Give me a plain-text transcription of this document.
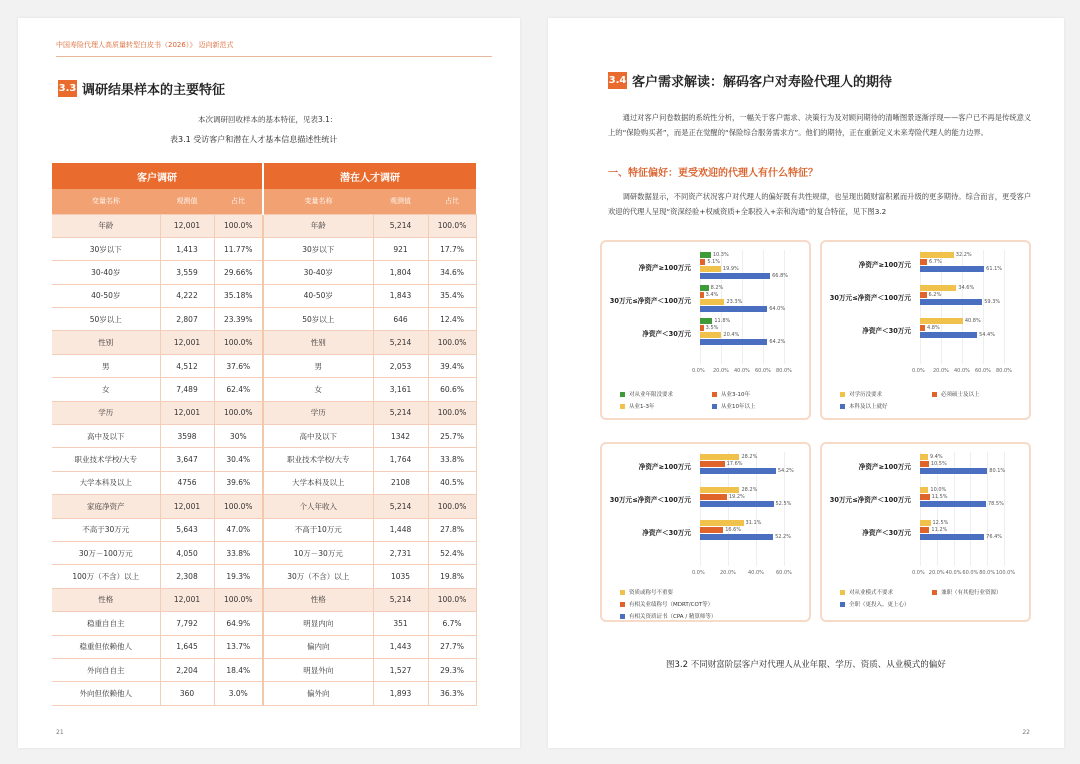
中国寿险代理人高质量转型白皮书（2026）》 迈向新范式
3.3 调研结果样本的主要特征
本次调研回收样本的基本特征，见表3.1：
表3.1 受访客户和潜在人才基本信息描述性统计
客户调研			潜在人才调研		
变量名称	观测值	占比	变量名称	观测值	占比
年龄	12,001	100.0%	年龄	5,214	100.0%
30岁以下	1,413	11.77%	30岁以下	921	17.7%
30-40岁	3,559	29.66%	30-40岁	1,804	34.6%
40-50岁	4,222	35.18%	40-50岁	1,843	35.4%
50岁以上	2,807	23.39%	50岁以上	646	12.4%
性别	12,001	100.0%	性别	5,214	100.0%
男	4,512	37.6%	男	2,053	39.4%
女	7,489	62.4%	女	3,161	60.6%
学历	12,001	100.0%	学历	5,214	100.0%
高中及以下	3598	30%	高中及以下	1342	25.7%
职业技术学校/大专	3,647	30.4%	职业技术学校/大专	1,764	33.8%
大学本科及以上	4756	39.6%	大学本科及以上	2108	40.5%
家庭净资产	12,001	100.0%	个人年收入	5,214	100.0%
不高于30万元	5,643	47.0%	不高于10万元	1,448	27.8%
30万－100万元	4,050	33.8%	10万－30万元	2,731	52.4%
100万（不含）以上	2,308	19.3%	30万（不含）以上	1035	19.8%
性格	12,001	100.0%	性格	5,214	100.0%
稳重自自主	7,792	64.9%	明显内向	351	6.7%
稳重但依赖他人	1,645	13.7%	偏内向	1,443	27.7%
外向自自主	2,204	18.4%	明显外向	1,527	29.3%
外向但依赖他人	360	3.0%	偏外向	1,893	36.3%
21
3.4 客户需求解读：解码客户对寿险代理人的期待
通过对客户问卷数据的系统性分析，一幅关于客户需求、决策行为及对顾问期待的清晰图景逐渐浮现——客户已不再是传统意义上的“保险购买者”，而是正在觉醒的“保险综合服务需求方”。他们的期待，正在重新定义未来寿险代理人的能力边界。
一、特征偏好：更受欢迎的代理人有什么特征？
调研数据显示，不同资产状况客户对代理人的偏好既有共性规律，也呈现出随财富积累而升级的更多期待。综合而言，更受客户欢迎的代理人呈现“资深经验+权威资质+全职投入+亲和沟通”的复合特征，见下图3.2
0.0% 20.0% 40.0% 60.0% 80.0%
净资产≥100万元
10.3%
5.1%
19.9%
66.8%
30万元≤净资产＜100万元
8.2%
3.4%
23.3%
64.0%
净资产＜30万元
11.8%
3.5%
20.4%
64.2%
对从业年限没要求	从业3-10年
从业1-3年	从业10年以上
0.0% 20.0% 40.0% 60.0% 80.0%
净资产≥100万元
32.2%
6.7%
61.1%
30万元≤净资产＜100万元
34.6%
6.2%
59.3%
净资产＜30万元
40.8%
4.8%
54.4%
对学历没要求	必须硕士及以上
本科及以上就好
0.0%	20.0% 40.0% 60.0%
净资产≥100万元
28.2%
17.6%
54.2%
30万元≤净资产＜100万元
28.2%
19.2%
52.5%
净资产＜30万元
31.1%
16.6%
52.2%
资质或称号不重要
有相关业绩称号（MDRT/COT等）
有相关资质证书（CPA / 精算师等）
0.0% 20.0% 40.0% 60.0% 80.0% 100.0%
净资产≥100万元
9.4%
10.5%
80.1%
30万元≤净资产＜100万元
10.0%
11.5%
78.5%
净资产＜30万元
12.5%
11.2%
76.4%
对从业模式不要求	兼职（有其他行业资源）
全职（更投入、更上心）
图3.2 不同财富阶层客户对代理人从业年限、学历、资质、从业模式的偏好
22
